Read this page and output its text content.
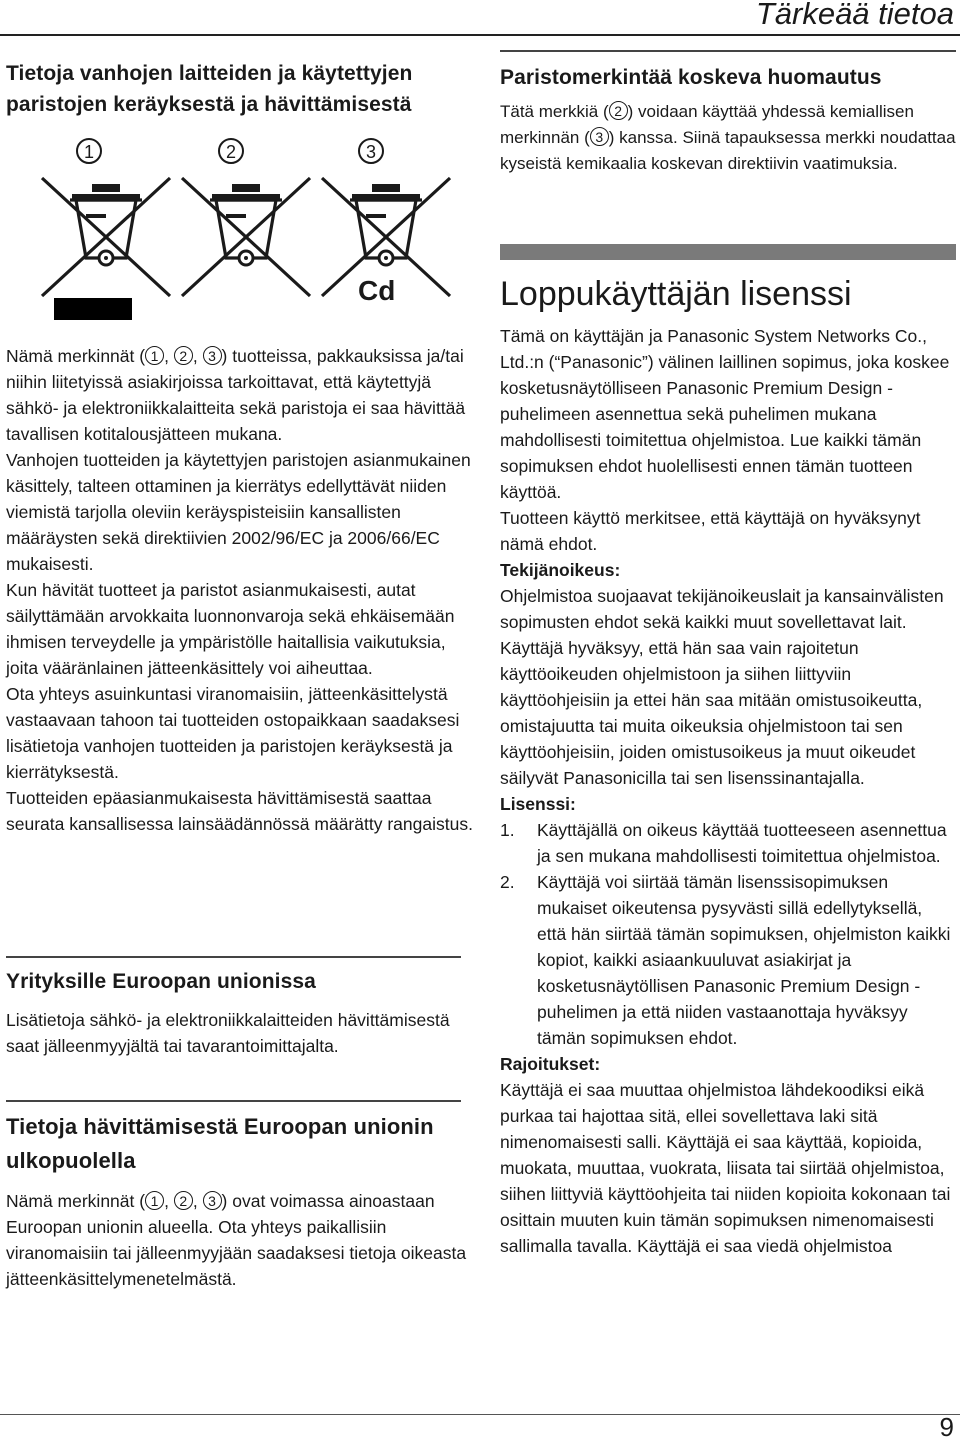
Tärkeää tietoa
Tietoja vanhojen laitteiden ja käytettyjen
paristojen keräyksestä ja hävittämisestä
1	2	3
Cd

Nämä merkinnät ( 1 , 2 , 3 ) tuotteissa, pakkauksissa ja/tai niihin liitetyissä asiakirjoissa tarkoittavat, että käytettyjä sähkö- ja elektroniikkalaitteita sekä paristoja ei saa hävittää tavallisen kotitalousjätteen mukana.

Vanhojen tuotteiden ja käytettyjen paristojen asianmukainen käsittely, talteen ottaminen ja kierrätys edellyttävät niiden viemistä tarjolla oleviin keräyspisteisiin kansallisten määräysten sekä direktiivien 2002/96/EC ja 2006/66/EC mukaisesti.

Kun hävität tuotteet ja paristot asianmukaisesti, autat säilyttämään arvokkaita luonnonvaroja sekä ehkäisemään ihmisen terveydelle ja ympäristölle haitallisia vaikutuksia, joita vääränlainen jätteenkäsittely voi aiheuttaa.

Ota yhteys asuinkuntasi viranomaisiin, jätteenkäsittelystä vastaavaan tahoon tai tuotteiden ostopaikkaan saadaksesi lisätietoja vanhojen tuotteiden ja paristojen keräyksestä ja kierrätyksestä.

Tuotteiden epäasianmukaisesta hävittämisestä saattaa seurata kansallisessa lainsäädännössä määrätty rangaistus.

Yrityksille Euroopan unionissa

Lisätietoja sähkö- ja elektroniikkalaitteiden hävittämisestä saat jälleenmyyjältä tai tavarantoimittajalta.

Tietoja hävittämisestä Euroopan unionin
ulkopuolella

Nämä merkinnät ( 1 , 2 , 3 ) ovat voimassa ainoastaan Euroopan unionin alueella. Ota yhteys paikallisiin viranomaisiin tai jälleenmyyjään saadaksesi tietoja oikeasta jätteenkäsittelymenetelmästä.

Paristomerkintää koskeva huomautus

Tätä merkkiä ( 2 ) voidaan käyttää yhdessä kemiallisen merkinnän ( 3 ) kanssa. Siinä tapauksessa merkki noudattaa kyseistä kemikaalia koskevan direktiivin vaatimuksia.

Loppukäyttäjän lisenssi

Tämä on käyttäjän ja Panasonic System Networks Co., Ltd.:n (“Panasonic”) välinen laillinen sopimus, joka koskee kosketusnäytölliseen Panasonic Premium Design -puhelimeen asennettua sekä puhelimen mukana mahdollisesti toimitettua ohjelmistoa. Lue kaikki tämän sopimuksen ehdot huolellisesti ennen tämän tuotteen käyttöä.

Tuotteen käyttö merkitsee, että käyttäjä on hyväksynyt nämä ehdot.

Tekijänoikeus:

Ohjelmistoa suojaavat tekijänoikeuslait ja kansainvälisten sopimusten ehdot sekä kaikki muut sovellettavat lait. Käyttäjä hyväksyy, että hän saa vain rajoitetun käyttöoikeuden ohjelmistoon ja siihen liittyviin käyttöohjeisiin ja ettei hän saa mitään omistusoikeutta, omistajuutta tai muita oikeuksia ohjelmistoon tai sen käyttöohjeisiin, joiden omistusoikeus ja muut oikeudet säilyvät Panasonicilla tai sen lisenssinantajalla.

Lisenssi:

1. Käyttäjällä on oikeus käyttää tuotteeseen asennettua ja sen mukana mahdollisesti toimitettua ohjelmistoa.
2. Käyttäjä voi siirtää tämän lisenssisopimuksen mukaiset oikeutensa pysyvästi sillä edellytyksellä, että hän siirtää tämän sopimuksen, ohjelmiston kaikki kopiot, kaikki asiaankuuluvat asiakirjat ja kosketusnäytöllisen Panasonic Premium Design -puhelimen ja että niiden vastaanottaja hyväksyy tämän sopimuksen ehdot.

Rajoitukset:

Käyttäjä ei saa muuttaa ohjelmistoa lähdekoodiksi eikä purkaa tai hajottaa sitä, ellei sovellettava laki sitä nimenomaisesti salli. Käyttäjä ei saa käyttää, kopioida, muokata, muuttaa, vuokrata, liisata tai siirtää ohjelmistoa, siihen liittyviä käyttöohjeita tai niiden kopioita kokonaan tai osittain muuten kuin tämän sopimuksen nimenomaisesti sallimalla tavalla. Käyttäjä ei saa viedä ohjelmistoa

9
